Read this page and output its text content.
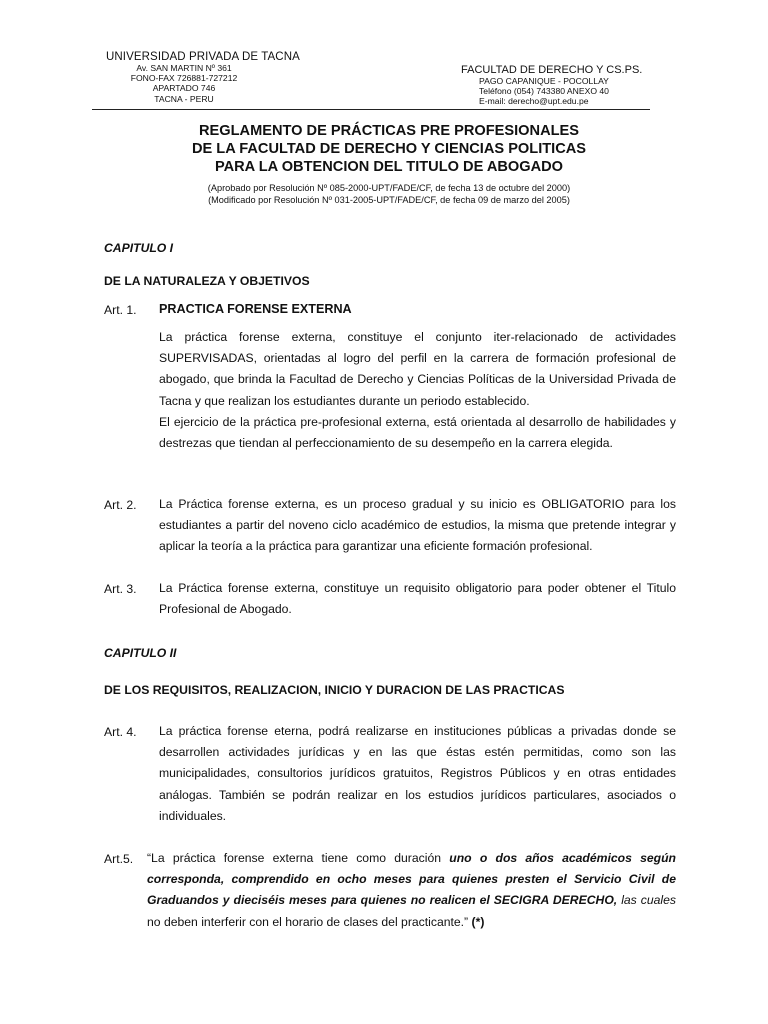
UNIVERSIDAD PRIVADA DE TACNA
Av. SAN MARTIN Nº 361
FONO-FAX 726881-727212
APARTADO 746
TACNA - PERU
FACULTAD DE DERECHO Y CS.PS.
PAGO CAPANIQUE - POCOLLAY
Teléfono (054) 743380 ANEXO 40
E-mail: derecho@upt.edu.pe
REGLAMENTO DE PRÁCTICAS PRE PROFESIONALES
DE LA FACULTAD DE DERECHO Y CIENCIAS POLITICAS
PARA LA OBTENCION DEL TITULO DE ABOGADO
(Aprobado por Resolución Nº 085-2000-UPT/FADE/CF, de fecha 13 de octubre del 2000)
(Modificado por Resolución Nº 031-2005-UPT/FADE/CF, de fecha 09 de marzo del 2005)
CAPITULO I
DE LA NATURALEZA Y OBJETIVOS
Art. 1. PRACTICA FORENSE EXTERNA

La práctica forense externa, constituye el conjunto iter-relacionado de actividades SUPERVISADAS, orientadas al logro del perfil en la carrera de formación profesional de abogado, que brinda la Facultad de Derecho y Ciencias Políticas de la Universidad Privada de Tacna y que realizan los estudiantes durante un periodo establecido.

El ejercicio de la práctica pre-profesional externa, está orientada al desarrollo de habilidades y destrezas que tiendan al perfeccionamiento de su desempeño en la carrera elegida.

Art. 2. La Práctica forense externa, es un proceso gradual y su inicio es OBLIGATORIO para los estudiantes a partir del noveno ciclo académico de estudios, la misma que pretende integrar y aplicar la teoría a la práctica para garantizar una eficiente formación profesional.
Art. 3. La Práctica forense externa, constituye un requisito obligatorio para poder obtener el Titulo Profesional de Abogado.
CAPITULO II
DE LOS REQUISITOS, REALIZACION, INICIO Y DURACION DE LAS PRACTICAS
Art. 4. La práctica forense eterna, podrá realizarse en instituciones públicas a privadas donde se desarrollen actividades jurídicas y en las que éstas estén permitidas, como son las municipalidades, consultorios jurídicos gratuitos, Registros Públicos y en otras entidades análogas. También se podrán realizar en los estudios jurídicos particulares, asociados o individuales.
Art.5. “La práctica forense externa tiene como duración uno o dos años académicos según corresponda, comprendido en ocho meses para quienes presten el Servicio Civil de Graduandos y dieciséis meses para quienes no realicen el SECIGRA DERECHO, las cuales no deben interferir con el horario de clases del practicante.” (*)
